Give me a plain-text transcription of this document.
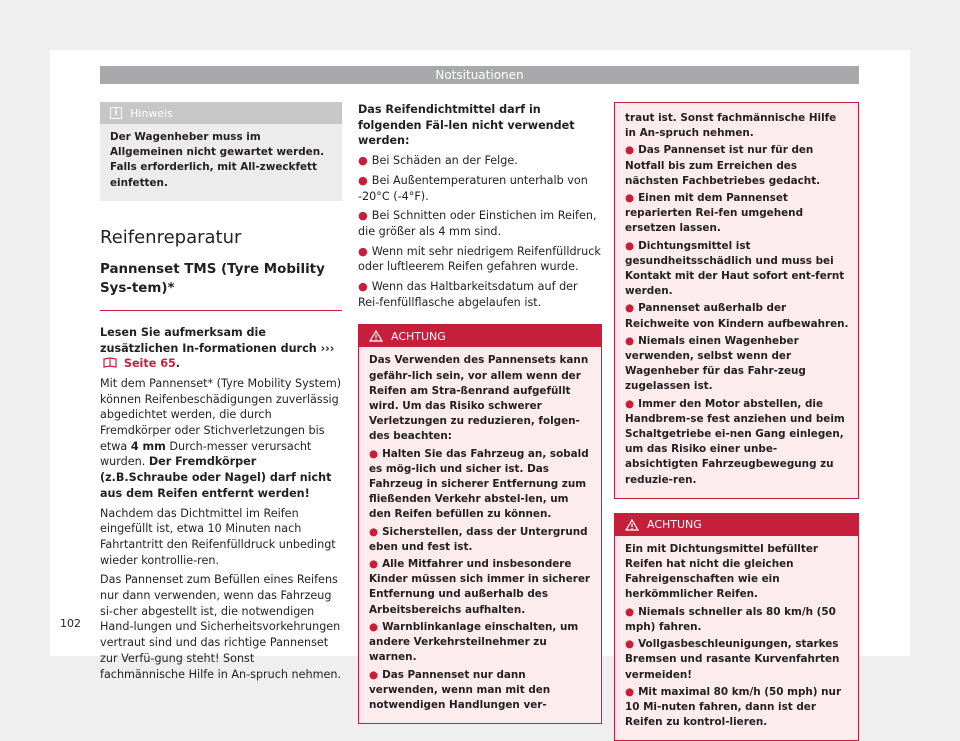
Notsituationen
i	Hinweis

Der Wagenheber muss im Allgemeinen nicht gewartet werden. Falls erforderlich, mit All-zweckfett einfetten.

Reifenreparatur
Pannenset TMS (Tyre Mobility Sys-tem)*

Lesen Sie aufmerksam die zusätzlichen In-formationen durch ›››  Seite 65.

Mit dem Pannenset* (Tyre Mobility System) können Reifenbeschädigungen zuverlässig abgedichtet werden, die durch Fremdkörper oder Stichverletzungen bis etwa 4 mm Durch-messer verursacht wurden. Der Fremdkörper (z.B.Schraube oder Nagel) darf nicht aus dem Reifen entfernt werden!

Nachdem das Dichtmittel im Reifen eingefüllt ist, etwa 10 Minuten nach Fahrtantritt den Reifenfülldruck unbedingt wieder kontrollie-ren.

Das Pannenset zum Befüllen eines Reifens nur dann verwenden, wenn das Fahrzeug si-cher abgestellt ist, die notwendigen Hand-lungen und Sicherheitsvorkehrungen vertraut sind und das richtige Pannenset zur Verfü-gung steht! Sonst fachmännische Hilfe in An-spruch nehmen.

Das Reifendichtmittel darf in folgenden Fäl-len nicht verwendet werden:

● Bei Schäden an der Felge.

● Bei Außentemperaturen unterhalb von -20°C (-4°F).

● Bei Schnitten oder Einstichen im Reifen, die größer als 4 mm sind.

● Wenn mit sehr niedrigem Reifenfülldruck oder luftleerem Reifen gefahren wurde.

● Wenn das Haltbarkeitsdatum auf der Rei-fenfüllflasche abgelaufen ist.

ACHTUNG

Das Verwenden des Pannensets kann gefähr-lich sein, vor allem wenn der Reifen am Stra-ßenrand aufgefüllt wird. Um das Risiko schwerer Verletzungen zu reduzieren, folgen-des beachten:

● Halten Sie das Fahrzeug an, sobald es mög-lich und sicher ist. Das Fahrzeug in sicherer Entfernung zum fließenden Verkehr abstel-len, um den Reifen befüllen zu können.

● Sicherstellen, dass der Untergrund eben und fest ist.

● Alle Mitfahrer und insbesondere Kinder müssen sich immer in sicherer Entfernung und außerhalb des Arbeitsbereichs aufhalten.

● Warnblinkanlage einschalten, um andere Verkehrsteilnehmer zu warnen.

● Das Pannenset nur dann verwenden, wenn man mit den notwendigen Handlungen ver-

traut ist. Sonst fachmännische Hilfe in An-spruch nehmen.

● Das Pannenset ist nur für den Notfall bis zum Erreichen des nächsten Fachbetriebes gedacht.

● Einen mit dem Pannenset reparierten Rei-fen umgehend ersetzen lassen.

● Dichtungsmittel ist gesundheitsschädlich und muss bei Kontakt mit der Haut sofort ent-fernt werden.

● Pannenset außerhalb der Reichweite von Kindern aufbewahren.

● Niemals einen Wagenheber verwenden, selbst wenn der Wagenheber für das Fahr-zeug zugelassen ist.

● Immer den Motor abstellen, die Handbrem-se fest anziehen und beim Schaltgetriebe ei-nen Gang einlegen, um das Risiko einer unbe-absichtigten Fahrzeugbewegung zu reduzie-ren.

ACHTUNG

Ein mit Dichtungsmittel befüllter Reifen hat nicht die gleichen Fahreigenschaften wie ein herkömmlicher Reifen.

● Niemals schneller als 80 km/h (50 mph) fahren.

● Vollgasbeschleunigungen, starkes Bremsen und rasante Kurvenfahrten vermeiden!

● Mit maximal 80 km/h (50 mph) nur 10 Mi-nuten fahren, dann ist der Reifen zu kontrol-lieren.

102
